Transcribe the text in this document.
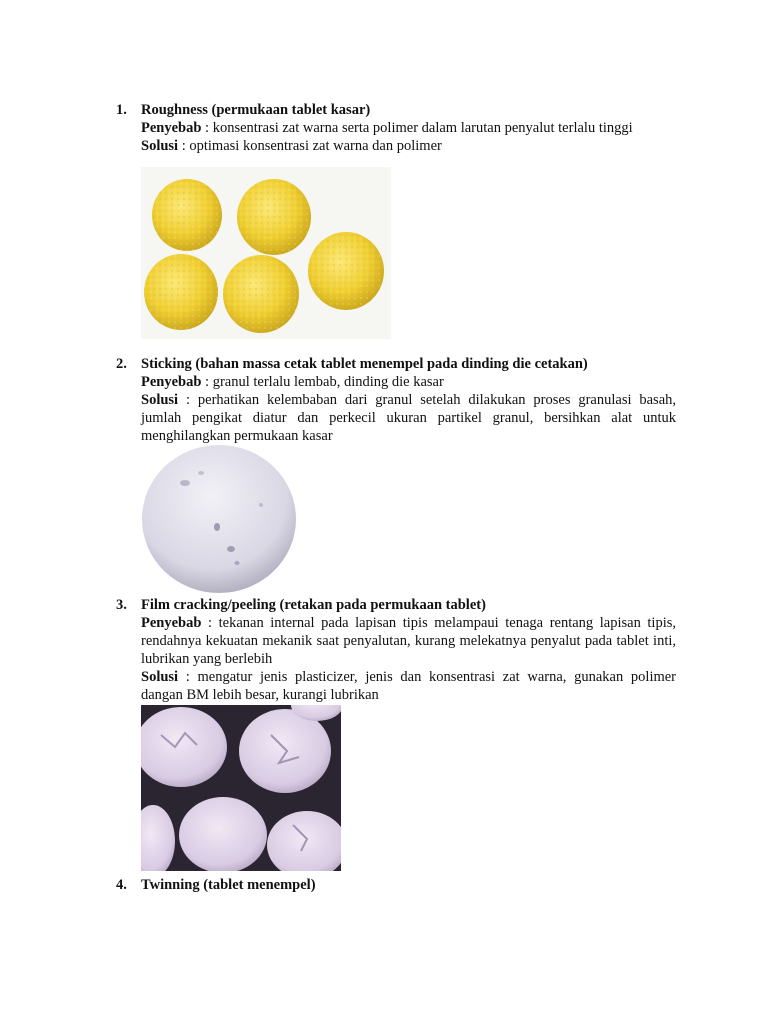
1. Roughness (permukaan tablet kasar)

Penyebab : konsentrasi zat warna serta polimer dalam larutan penyalut terlalu tinggi

Solusi : optimasi konsentrasi zat warna dan polimer

2. Sticking (bahan massa cetak tablet menempel pada dinding die cetakan)

Penyebab : granul terlalu lembab, dinding die kasar

Solusi : perhatikan kelembaban dari granul setelah dilakukan proses granulasi basah, jumlah pengikat diatur dan perkecil ukuran partikel granul, bersihkan alat untuk menghilangkan permukaan kasar

3. Film cracking/peeling (retakan pada permukaan tablet)

Penyebab : tekanan internal pada lapisan tipis melampaui tenaga rentang lapisan tipis, rendahnya kekuatan mekanik saat penyalutan, kurang melekatnya penyalut pada tablet inti, lubrikan yang berlebih

Solusi : mengatur jenis plasticizer, jenis dan konsentrasi zat warna, gunakan polimer dangan BM lebih besar, kurangi lubrikan

4. Twinning (tablet menempel)
